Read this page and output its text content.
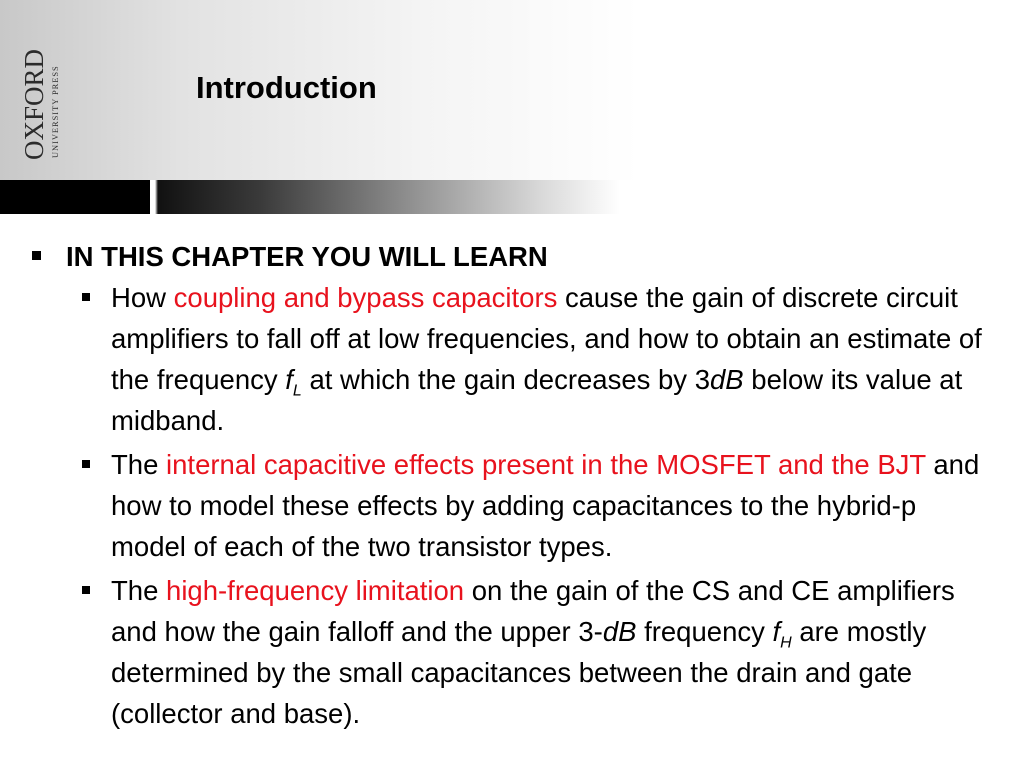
OXFORD UNIVERSITY PRESS	Introduction
IN THIS CHAPTER YOU WILL LEARN
How coupling and bypass capacitors cause the gain of discrete circuit amplifiers to fall off at low frequencies, and how to obtain an estimate of the frequency $f_L$ at which the gain decreases by 3dB below its value at midband.
The internal capacitive effects present in the MOSFET and the BJT and how to model these effects by adding capacitances to the hybrid-p model of each of the two transistor types.
The high-frequency limitation on the gain of the CS and CE amplifiers and how the gain falloff and the upper 3-dB frequency $f_H$ are mostly determined by the small capacitances between the drain and gate (collector and base).
